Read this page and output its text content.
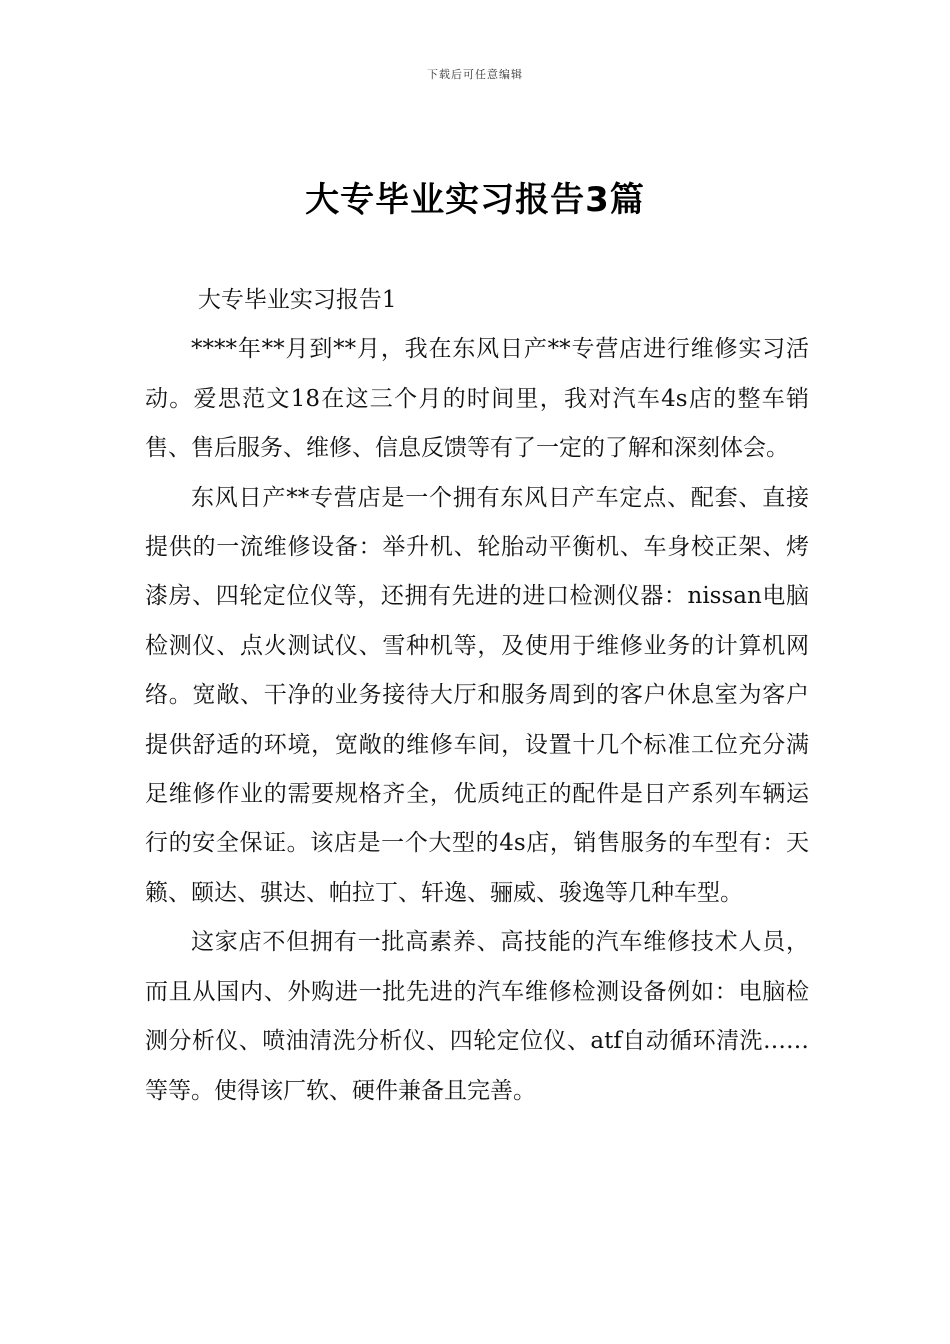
下载后可任意编辑
大专毕业实习报告3篇

大专毕业实习报告1

****年**月到**月，我在东风日产**专营店进行维修实习活动。爱思范文18在这三个月的时间里，我对汽车4s店的整车销售、售后服务、维修、信息反馈等有了一定的了解和深刻体会。

东风日产**专营店是一个拥有东风日产车定点、配套、直接提供的一流维修设备：举升机、轮胎动平衡机、车身校正架、烤漆房、四轮定位仪等，还拥有先进的进口检测仪器：nissan电脑检测仪、点火测试仪、雪种机等，及使用于维修业务的计算机网络。宽敞、干净的业务接待大厅和服务周到的客户休息室为客户提供舒适的环境，宽敞的维修车间，设置十几个标准工位充分满足维修作业的需要规格齐全，优质纯正的配件是日产系列车辆运行的安全保证。该店是一个大型的4s店，销售服务的车型有：天籁、颐达、骐达、帕拉丁、轩逸、骊威、骏逸等几种车型。

这家店不但拥有一批高素养、高技能的汽车维修技术人员，而且从国内、外购进一批先进的汽车维修检测设备例如：电脑检测分析仪、喷油清洗分析仪、四轮定位仪、atf自动循环清洗……等等。使得该厂软、硬件兼备且完善。
